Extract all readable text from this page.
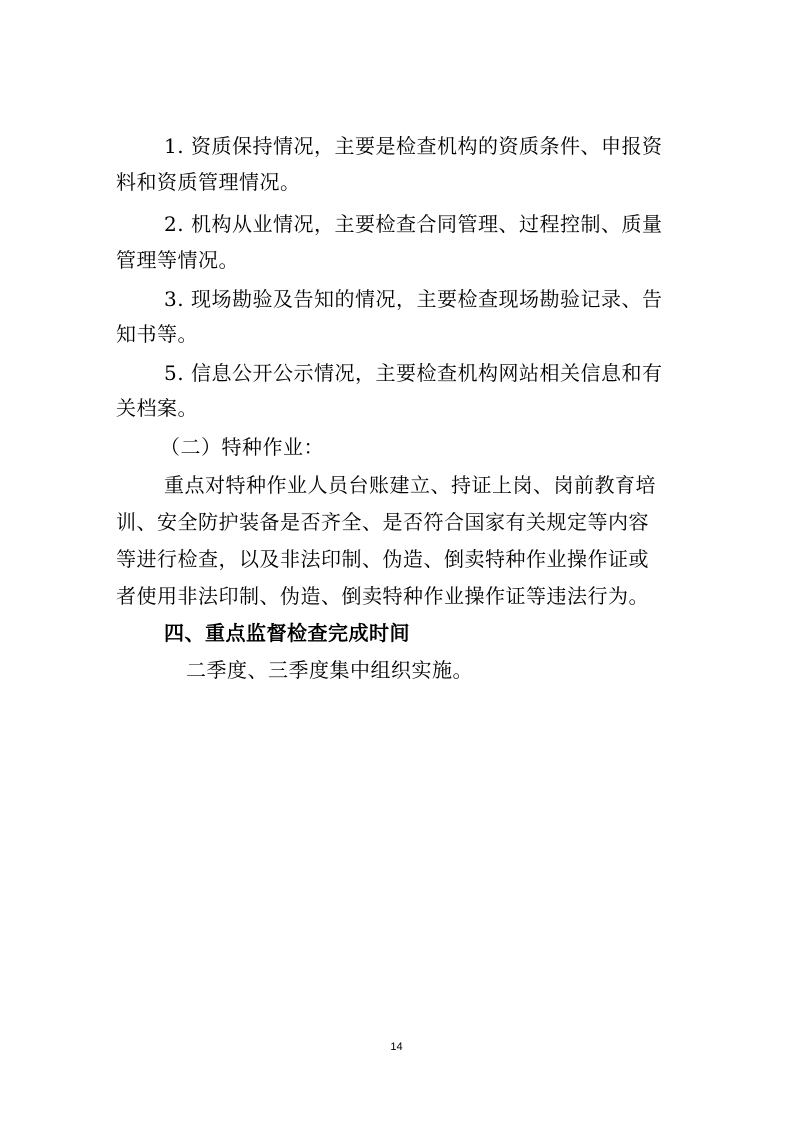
1. 资质保持情况，主要是检查机构的资质条件、申报资
料和资质管理情况。
2. 机构从业情况，主要检查合同管理、过程控制、质量
管理等情况。
3. 现场勘验及告知的情况，主要检查现场勘验记录、告
知书等。
5. 信息公开公示情况，主要检查机构网站相关信息和有
关档案。
（二）特种作业：
重点对特种作业人员台账建立、持证上岗、岗前教育培
训、安全防护装备是否齐全、是否符合国家有关规定等内容
等进行检查，以及非法印制、伪造、倒卖特种作业操作证或
者使用非法印制、伪造、倒卖特种作业操作证等违法行为。
四、重点监督检查完成时间
二季度、三季度集中组织实施。
14
